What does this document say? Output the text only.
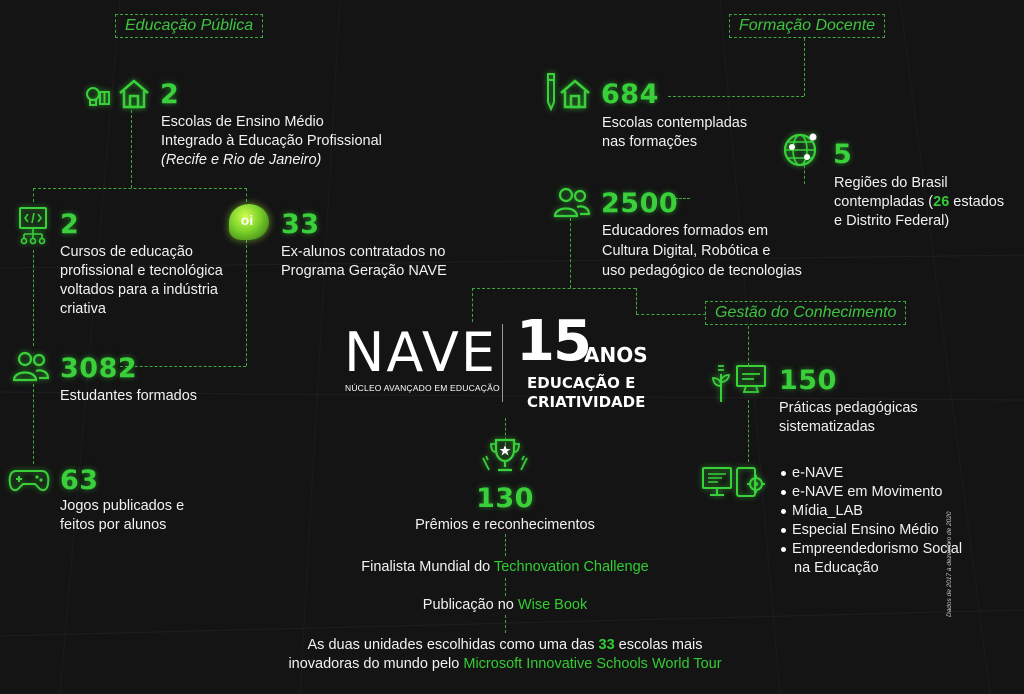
Educação Pública	Formação Docente
Gestão do Conhecimento
2
Escolas de Ensino Médio
Integrado à Educação Profissional
(Recife e Rio de Janeiro)
2
Cursos de educação
profissional e tecnológica
voltados para a indústria
criativa
oi	33
Ex-alunos contratados no
Programa Geração NAVE
3082
Estudantes formados
63
Jogos publicados e
feitos por alunos
684
Escolas contempladas
nas formações	5
Regiões do Brasil
contempladas (26 estados
e Distrito Federal)
2500
Educadores formados em
Cultura Digital, Robótica e
uso pedagógico de tecnologias
NAVE
NÚCLEO AVANÇADO EM EDUCAÇÃO
15
ANOS
EDUCAÇÃO E
CRIATIVIDADE
150
Práticas pedagógicas
sistematizadas
e-NAVE
e-NAVE em Movimento
Mídia_LAB
Especial Ensino Médio
Empreendedorismo Social
na Educação
130
Prêmios e reconhecimentos
Finalista Mundial do Technovation Challenge
Publicação no Wise Book
As duas unidades escolhidas como uma das 33 escolas mais
inovadoras do mundo pelo Microsoft Innovative Schools World Tour
Dados de 2017 a dezembro de 2020
